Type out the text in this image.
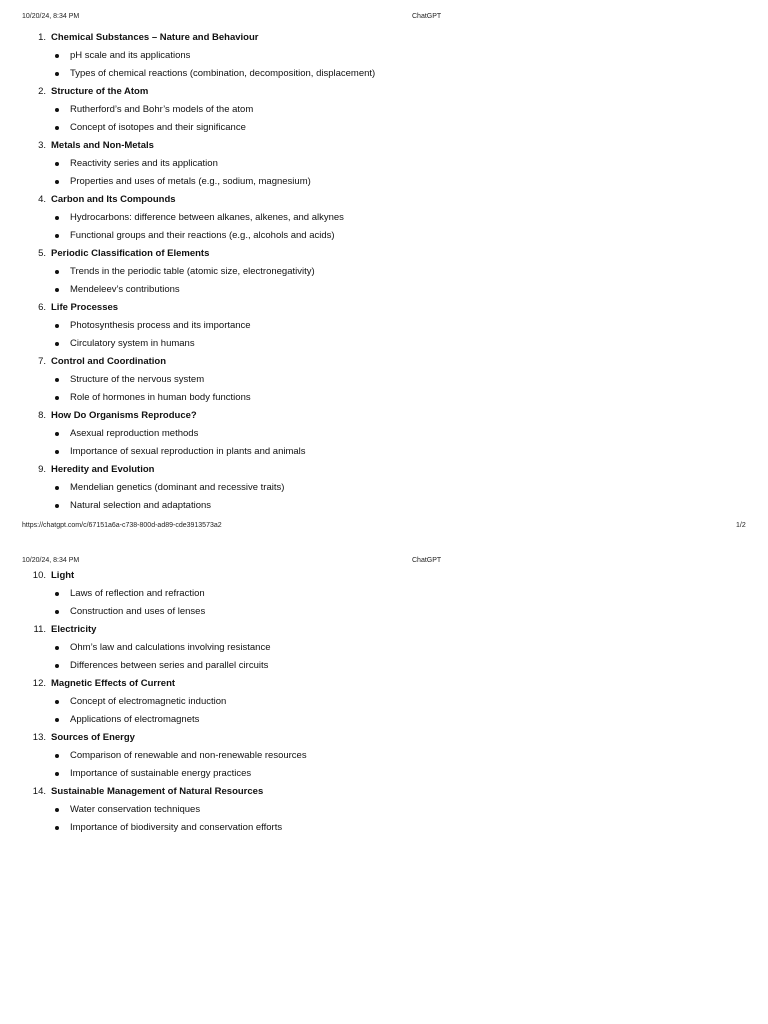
10/20/24, 8:34 PM	ChatGPT
1. Chemical Substances – Nature and Behaviour
pH scale and its applications
Types of chemical reactions (combination, decomposition, displacement)
2. Structure of the Atom
Rutherford’s and Bohr’s models of the atom
Concept of isotopes and their significance
3. Metals and Non-Metals
Reactivity series and its application
Properties and uses of metals (e.g., sodium, magnesium)
4. Carbon and Its Compounds
Hydrocarbons: difference between alkanes, alkenes, and alkynes
Functional groups and their reactions (e.g., alcohols and acids)
5. Periodic Classification of Elements
Trends in the periodic table (atomic size, electronegativity)
Mendeleev’s contributions
6. Life Processes
Photosynthesis process and its importance
Circulatory system in humans
7. Control and Coordination
Structure of the nervous system
Role of hormones in human body functions
8. How Do Organisms Reproduce?
Asexual reproduction methods
Importance of sexual reproduction in plants and animals
9. Heredity and Evolution
Mendelian genetics (dominant and recessive traits)
Natural selection and adaptations
https://chatgpt.com/c/67151a6a-c738-800d-ad89-cde3913573a2	1/2
10/20/24, 8:34 PM	ChatGPT
10. Light
Laws of reflection and refraction
Construction and uses of lenses
11. Electricity
Ohm’s law and calculations involving resistance
Differences between series and parallel circuits
12. Magnetic Effects of Current
Concept of electromagnetic induction
Applications of electromagnets
13. Sources of Energy
Comparison of renewable and non-renewable resources
Importance of sustainable energy practices
14. Sustainable Management of Natural Resources
Water conservation techniques
Importance of biodiversity and conservation efforts
